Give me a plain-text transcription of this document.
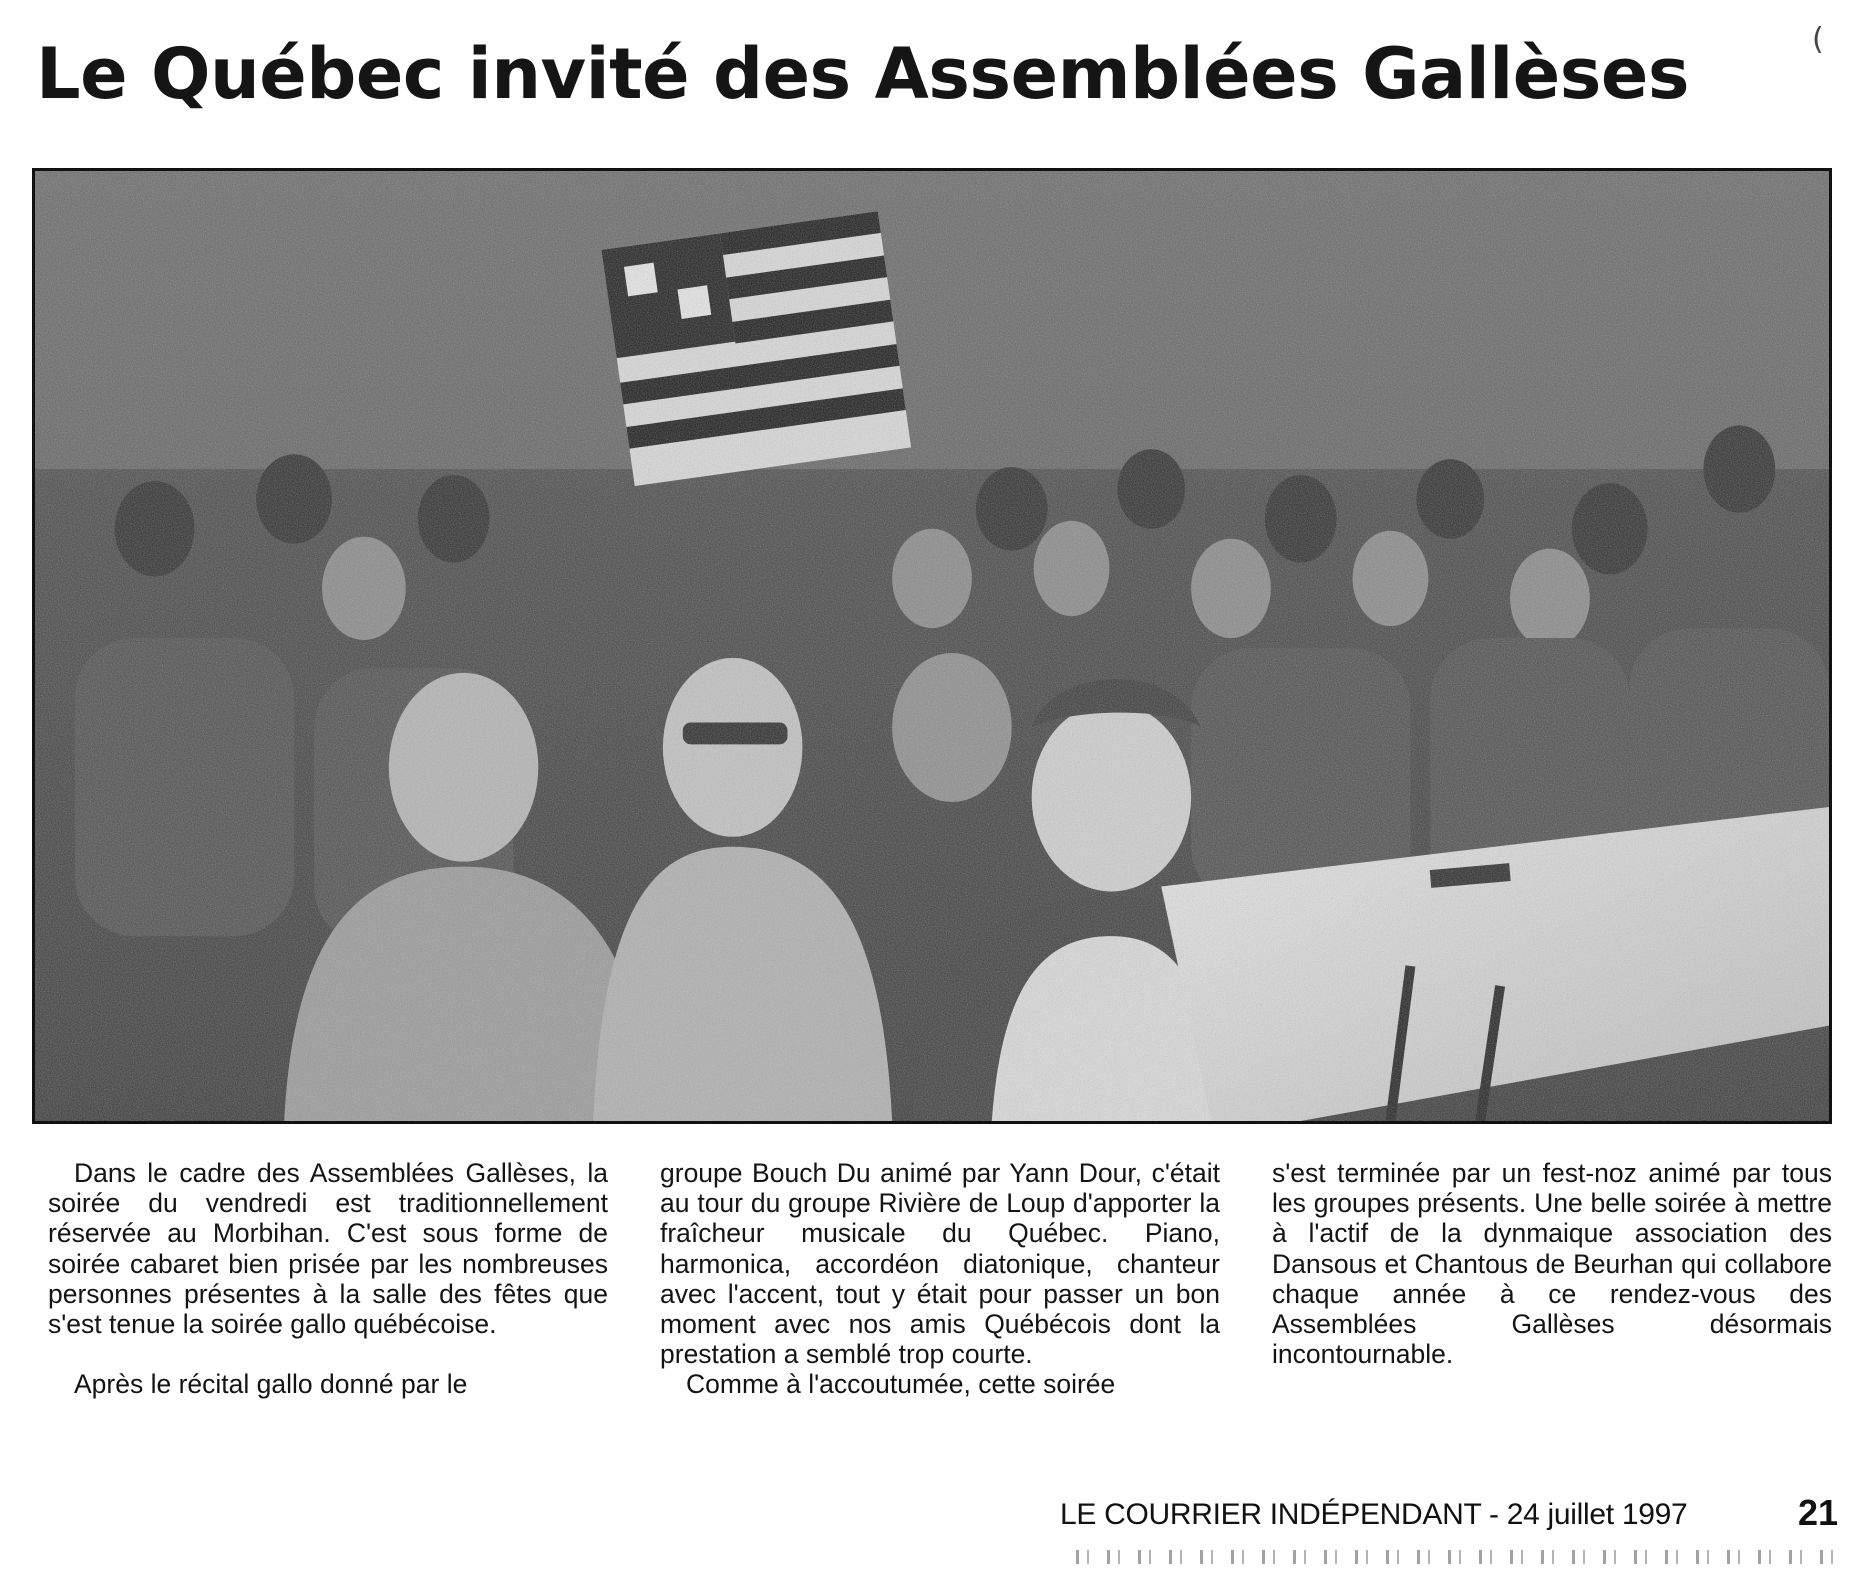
Le Québec invité des Assemblées Gallèses	(

Dans le cadre des Assemblées Gallèses, la soirée du vendredi est traditionnellement réservée au Morbihan. C'est sous forme de soirée cabaret bien prisée par les nombreuses personnes présentes à la salle des fêtes que s'est tenue la soirée gallo québécoise.

Après le récital gallo donné par le

groupe Bouch Du animé par Yann Dour, c'était au tour du groupe Rivière de Loup d'apporter la fraîcheur musicale du Québec. Piano, harmonica, accordéon diatonique, chanteur avec l'accent, tout y était pour passer un bon moment avec nos amis Québécois dont la prestation a semblé trop courte.

Comme à l'accoutumée, cette soirée

s'est terminée par un fest-noz animé par tous les groupes présents. Une belle soirée à mettre à l'actif de la dynmaique association des Dansous et Chantous de Beurhan qui collabore chaque année à ce rendez-vous des Assemblées Gallèses désormais incontournable.

LE COURRIER INDÉPENDANT - 24 juillet 1997	21
